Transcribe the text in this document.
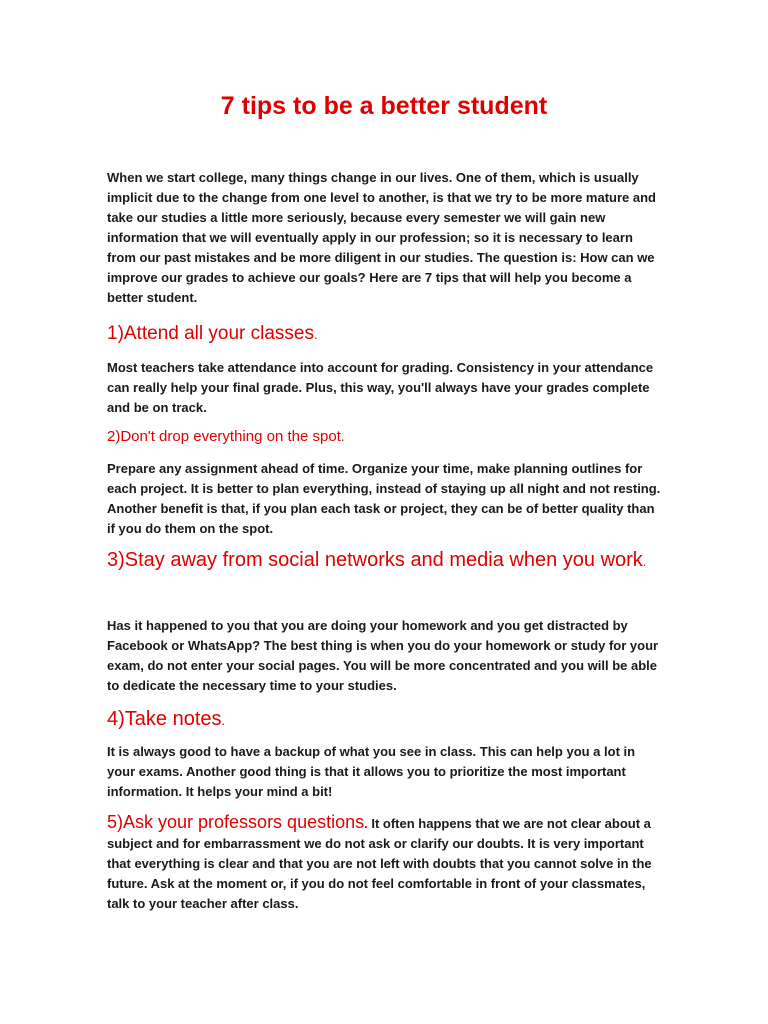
7 tips to be a better student

When we start college, many things change in our lives. One of them, which is usually implicit due to the change from one level to another, is that we try to be more mature and take our studies a little more seriously, because every semester we will gain new information that we will eventually apply in our profession; so it is necessary to learn from our past mistakes and be more diligent in our studies. The question is: How can we improve our grades to achieve our goals? Here are 7 tips that will help you become a better student.

1)Attend all your classes.

Most teachers take attendance into account for grading. Consistency in your attendance can really help your final grade. Plus, this way, you'll always have your grades complete and be on track.

2)Don't drop everything on the spot.

Prepare any assignment ahead of time. Organize your time, make planning outlines for each project. It is better to plan everything, instead of staying up all night and not resting. Another benefit is that, if you plan each task or project, they can be of better quality than if you do them on the spot.

3)Stay away from social networks and media when you work.

Has it happened to you that you are doing your homework and you get distracted by Facebook or WhatsApp? The best thing is when you do your homework or study for your exam, do not enter your social pages. You will be more concentrated and you will be able to dedicate the necessary time to your studies.

4)Take notes.

It is always good to have a backup of what you see in class. This can help you a lot in your exams. Another good thing is that it allows you to prioritize the most important information. It helps your mind a bit!

5)Ask your professors questions. It often happens that we are not clear about a subject and for embarrassment we do not ask or clarify our doubts. It is very important that everything is clear and that you are not left with doubts that you cannot solve in the future. Ask at the moment or, if you do not feel comfortable in front of your classmates, talk to your teacher after class.
